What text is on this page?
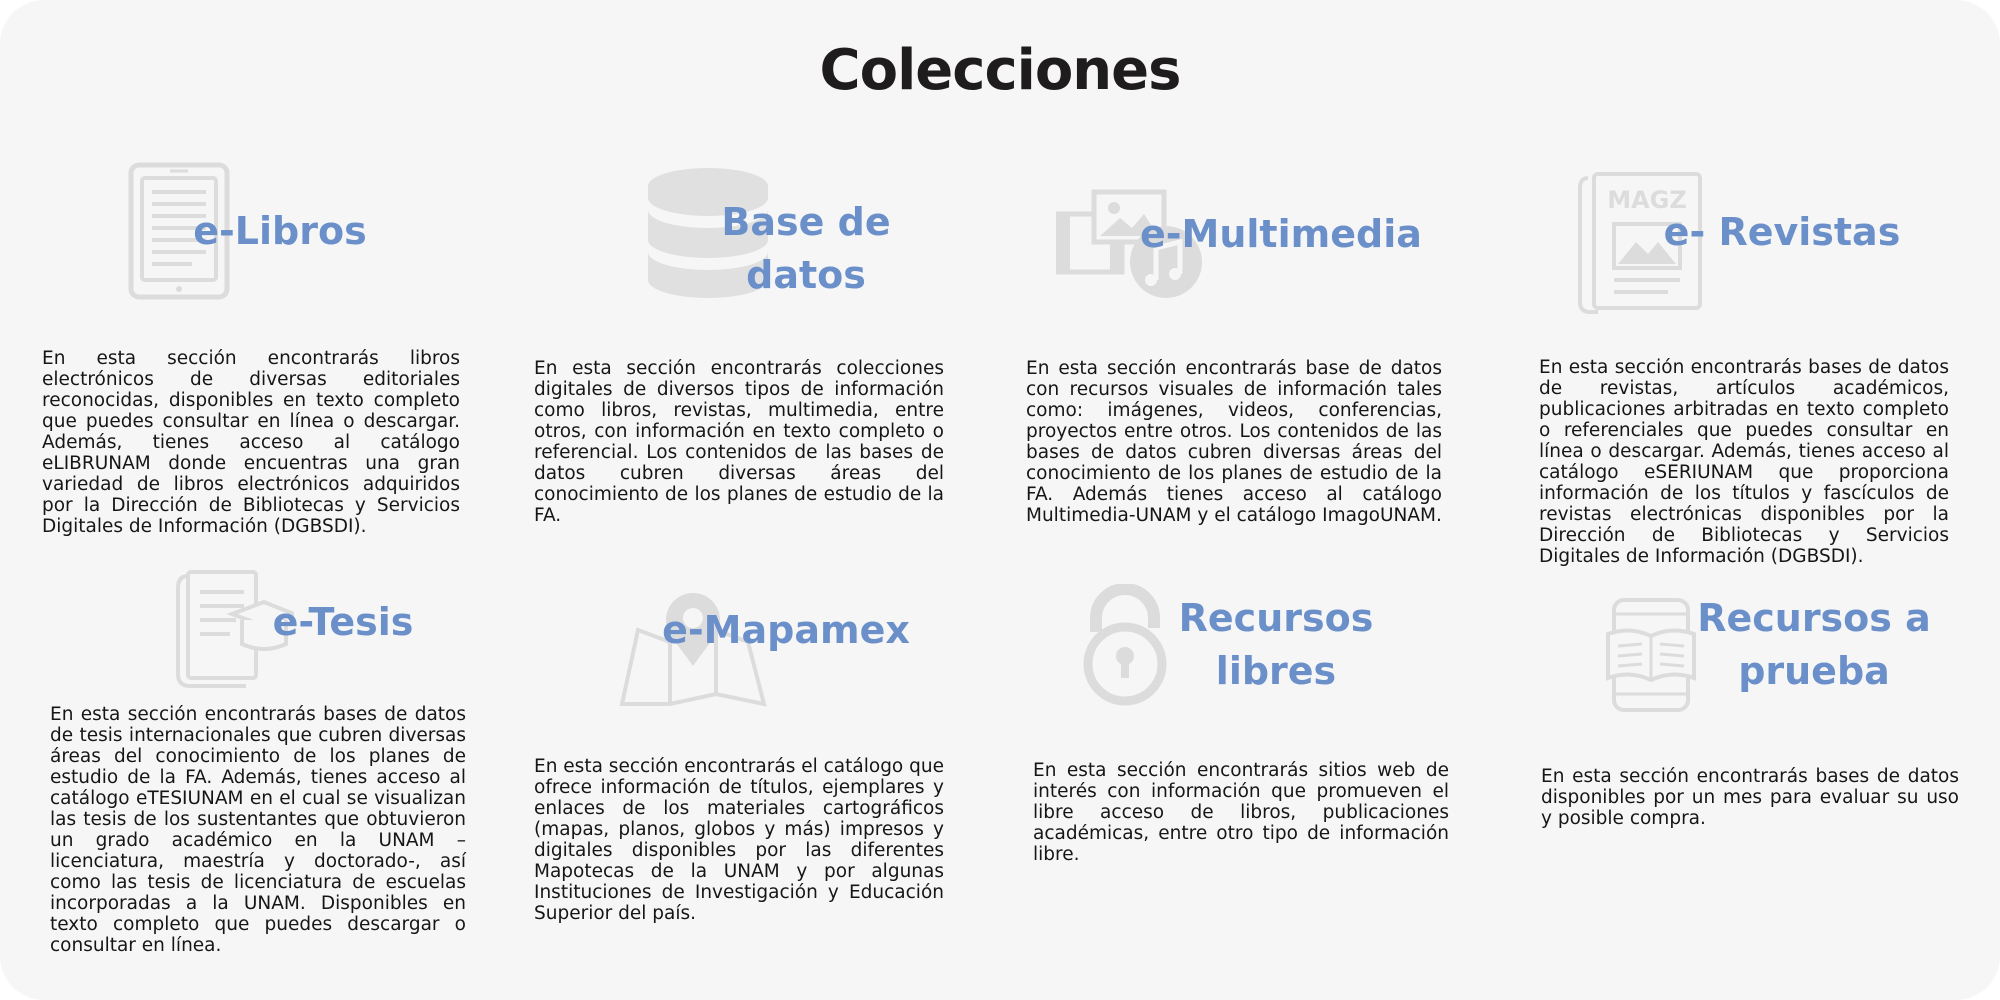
Colecciones
e-Libros

En esta sección encontrarás libros electrónicos de diversas editoriales reconocidas, disponibles en texto completo que puedes consultar en línea o descargar. Además, tienes acceso al catálogo eLIBRUNAM donde encuentras una gran variedad de libros electrónicos adquiridos por la Dirección de Bibliotecas y Servicios Digitales de Información (DGBSDI).

Base de datos

En esta sección encontrarás colecciones digitales de diversos tipos de información como libros, revistas, multimedia, entre otros, con información en texto completo o referencial. Los contenidos de las bases de datos cubren diversas áreas del conocimiento de los planes de estudio de la FA.

e-Multimedia

En esta sección encontrarás base de datos con recursos visuales de información tales como: imágenes, videos, conferencias, proyectos entre otros. Los contenidos de las bases de datos cubren diversas áreas del conocimiento de los planes de estudio de la FA. Además tienes acceso al catálogo Multimedia-UNAM y el catálogo ImagoUNAM.

MAGZ
e- Revistas

En esta sección encontrarás bases de datos de revistas, artículos académicos, publicaciones arbitradas en texto completo o referenciales que puedes consultar en línea o descargar. Además, tienes acceso al catálogo eSERIUNAM que proporciona información de los títulos y fascículos de revistas electrónicas disponibles por la Dirección de Bibliotecas y Servicios Digitales de Información (DGBSDI).

e-Tesis

En esta sección encontrarás bases de datos de tesis internacionales que cubren diversas áreas del conocimiento de los planes de estudio de la FA. Además, tienes acceso al catálogo eTESIUNAM en el cual se visualizan las tesis de los sustentantes que obtuvieron un grado académico en la UNAM –licenciatura, maestría y doctorado-, así como las tesis de licenciatura de escuelas incorporadas a la UNAM. Disponibles en texto completo que puedes descargar o consultar en línea.

e-Mapamex

En esta sección encontrarás el catálogo que ofrece información de títulos, ejemplares y enlaces de los materiales cartográficos (mapas, planos, globos y más) impresos y digitales disponibles por las diferentes Mapotecas de la UNAM y por algunas Instituciones de Investigación y Educación Superior del país.

Recursos libres

En esta sección encontrarás sitios web de interés con información que promueven el libre acceso de libros, publicaciones académicas, entre otro tipo de información libre.

Recursos a prueba

En esta sección encontrarás bases de datos disponibles por un mes para evaluar su uso y posible compra.
